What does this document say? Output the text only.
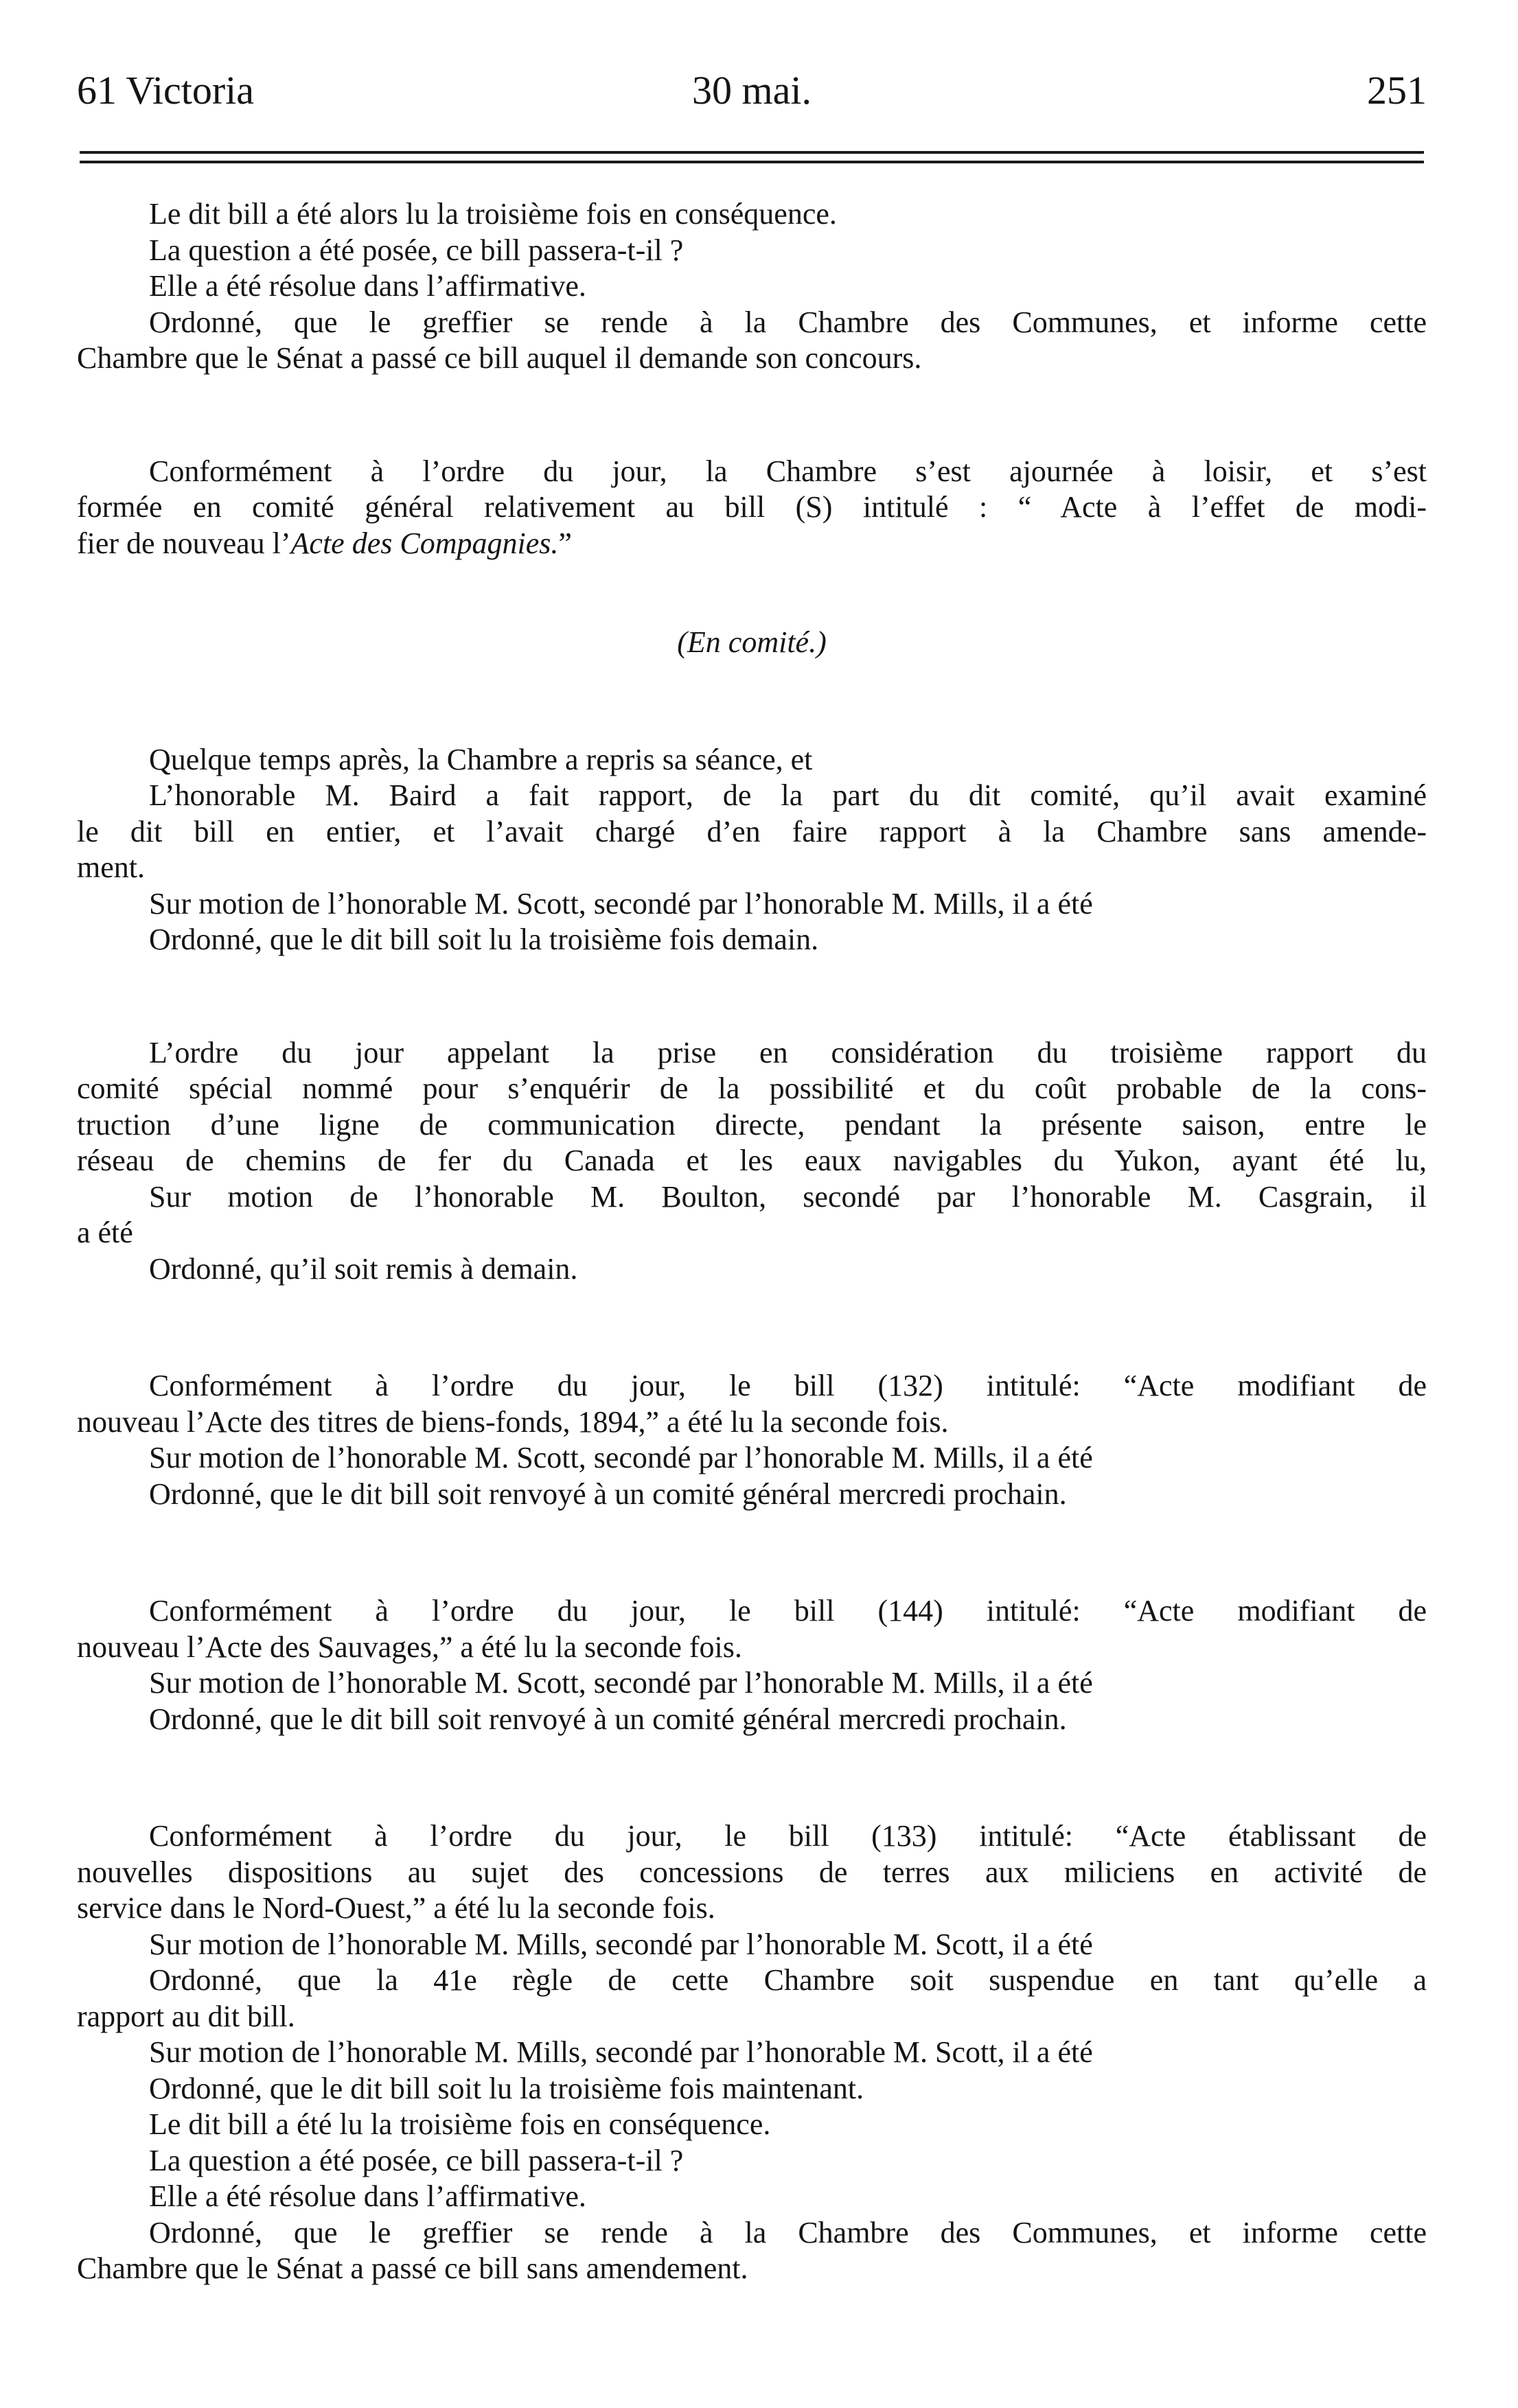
61 Victoria	30 mai.	251
Le dit bill a été alors lu la troisième fois en conséquence.
La question a été posée, ce bill passera-t-il ?
Elle a été résolue dans l’affirmative.
Ordonné, que le greffier se rende à la Chambre des Communes, et informe cette
Chambre que le Sénat a passé ce bill auquel il demande son concours.
Conformément à l’ordre du jour, la Chambre s’est ajournée à loisir, et s’est
formée en comité général relativement au bill (S) intitulé : “ Acte à l’effet de modi-
fier de nouveau l’Acte des Compagnies.”
(En comité.)
Quelque temps après, la Chambre a repris sa séance, et
L’honorable M. Baird a fait rapport, de la part du dit comité, qu’il avait examiné
le dit bill en entier, et l’avait chargé d’en faire rapport à la Chambre sans amende-
ment.
Sur motion de l’honorable M. Scott, secondé par l’honorable M. Mills, il a été
Ordonné, que le dit bill soit lu la troisième fois demain.
L’ordre du jour appelant la prise en considération du troisième rapport du
comité spécial nommé pour s’enquérir de la possibilité et du coût probable de la cons-
truction d’une ligne de communication directe, pendant la présente saison, entre le
réseau de chemins de fer du Canada et les eaux navigables du Yukon, ayant été lu,
Sur motion de l’honorable M. Boulton, secondé par l’honorable M. Casgrain, il
a été
Ordonné, qu’il soit remis à demain.
Conformément à l’ordre du jour, le bill (132) intitulé: “Acte modifiant de
nouveau l’Acte des titres de biens-fonds, 1894,” a été lu la seconde fois.
Sur motion de l’honorable M. Scott, secondé par l’honorable M. Mills, il a été
Ordonné, que le dit bill soit renvoyé à un comité général mercredi prochain.
Conformément à l’ordre du jour, le bill (144) intitulé: “Acte modifiant de
nouveau l’Acte des Sauvages,” a été lu la seconde fois.
Sur motion de l’honorable M. Scott, secondé par l’honorable M. Mills, il a été
Ordonné, que le dit bill soit renvoyé à un comité général mercredi prochain.
Conformément à l’ordre du jour, le bill (133) intitulé: “Acte établissant de
nouvelles dispositions au sujet des concessions de terres aux miliciens en activité de
service dans le Nord-Ouest,” a été lu la seconde fois.
Sur motion de l’honorable M. Mills, secondé par l’honorable M. Scott, il a été
Ordonné, que la 41e règle de cette Chambre soit suspendue en tant qu’elle a
rapport au dit bill.
Sur motion de l’honorable M. Mills, secondé par l’honorable M. Scott, il a été
Ordonné, que le dit bill soit lu la troisième fois maintenant.
Le dit bill a été lu la troisième fois en conséquence.
La question a été posée, ce bill passera-t-il ?
Elle a été résolue dans l’affirmative.
Ordonné, que le greffier se rende à la Chambre des Communes, et informe cette
Chambre que le Sénat a passé ce bill sans amendement.
